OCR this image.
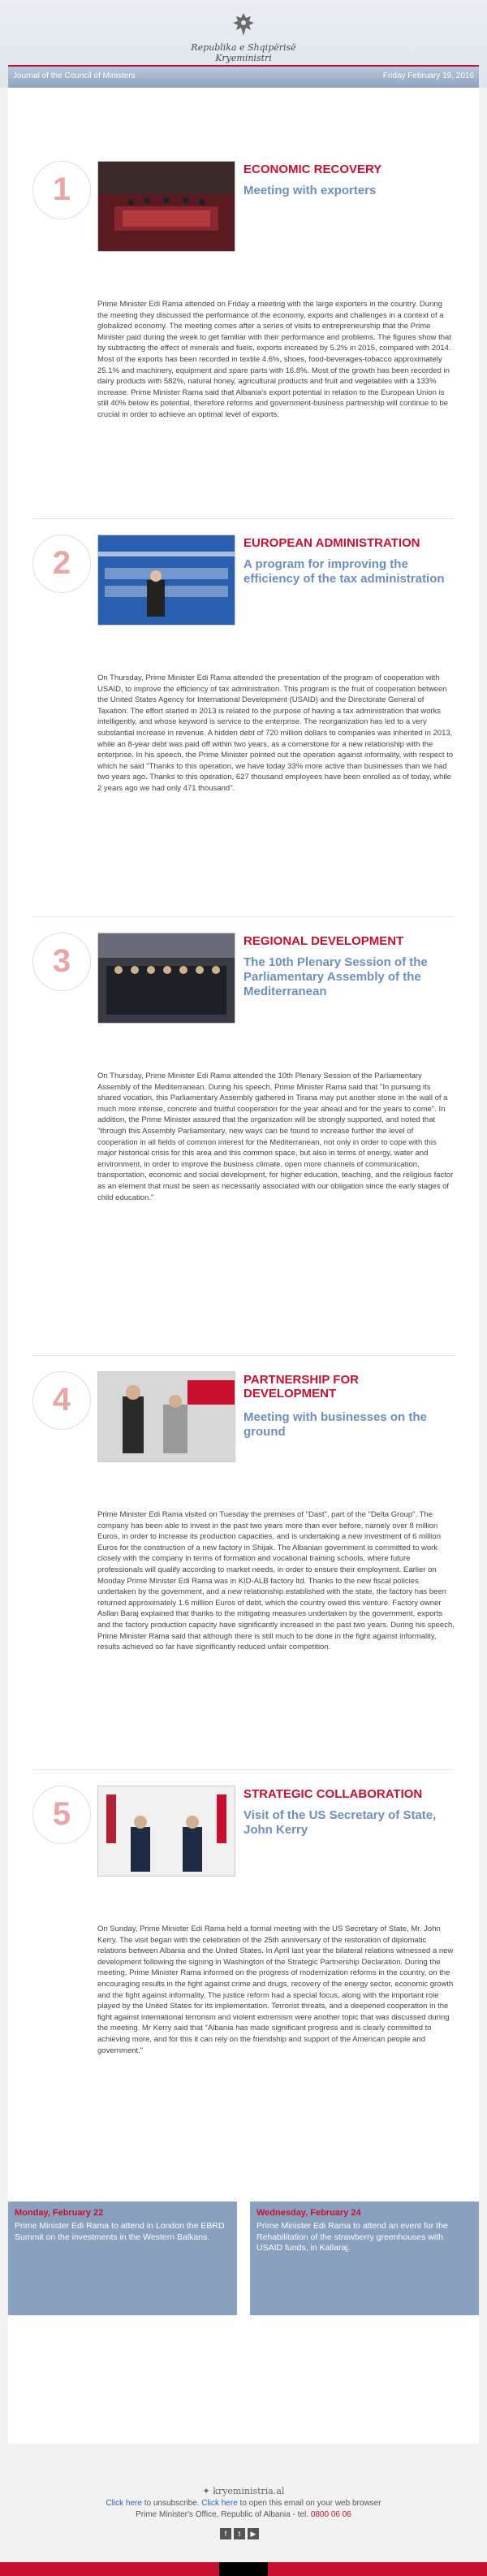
Republika e Shqipërisë
Kryeministri
Journal of the Council of Ministers	Friday February 19, 2016
1
ECONOMIC RECOVERY
Meeting with exporters
Prime Minister Edi Rama attended on Friday a meeting with the large exporters in the country. During the meeting they discussed the performance of the economy, exports and challenges in a context of a globalized economy. The meeting comes after a series of visits to entrepreneurship that the Prime Minister paid during the week to get familiar with their performance and problems. The figures show that by subtracting the effect of minerals and fuels, exports increased by 5.2% in 2015, compared with 2014. Most of the exports has been recorded in textile 4.6%, shoes, food-beverages-tobacco approximately 25.1% and machinery, equipment and spare parts with 16.8%. Most of the growth has been recorded in dairy products with 582%, natural honey, agricultural products and fruit and vegetables with a 133% increase. Prime Minister Rama said that Albania's export potential in relation to the European Union is still 40% below its potential, therefore reforms and government-business partnership will continue to be crucial in order to achieve an optimal level of exports.
2
EUROPEAN ADMINISTRATION
A program for improving the efficiency of the tax administration
On Thursday, Prime Minister Edi Rama attended the presentation of the program of cooperation with USAID, to improve the efficiency of tax administration. This program is the fruit of cooperation between the United States Agency for International Development (USAID) and the Directorate General of Taxation. The effort started in 2013 is related to the purpose of having a tax administration that works intelligently, and whose keyword is service to the enterprise. The reorganization has led to a very substantial increase in revenue. A hidden debt of 720 million dollars to companies was inherited in 2013, while an 8-year debt was paid off within two years, as a cornerstone for a new relationship with the enterprise. In his speech, the Prime Minister pointed out the operation against informality, with respect to which he said "Thanks to this operation, we have today 33% more active than businesses than we had two years ago. Thanks to this operation, 627 thousand employees have been enrolled as of today, while 2 years ago we had only 471 thousand".
3
REGIONAL DEVELOPMENT
The 10th Plenary Session of the Parliamentary Assembly of the Mediterranean
On Thursday, Prime Minister Edi Rama attended the 10th Plenary Session of the Parliamentary Assembly of the Mediterranean. During his speech, Prime Minister Rama said that "In pursuing its shared vocation, this Parliamentary Assembly gathered in Tirana may put another stone in the wall of a much more intense, concrete and fruitful cooperation for the year ahead and for the years to come". In addition, the Prime Minister assured that the organization will be strongly supported, and noted that "through this Assembly Parliamentary, new ways can be found to increase further the level of cooperation in all fields of common interest for the Mediterranean, not only in order to cope with this major historical crisis for this area and this common space, but also in terms of energy, water and environment, in order to improve the business climate, open more channels of communication, transportation, economic and social development, for higher education, teaching, and the religious factor as an element that must be seen as necessarily associated with our obligation since the early stages of child education."
4
PARTNERSHIP FOR DEVELOPMENT
Meeting with businesses on the ground
Prime Minister Edi Rama visited on Tuesday the premises of "Dast", part of the "Delta Group". The company has been able to invest in the past two years more than ever before, namely over 8 million Euros, in order to increase its production capacities, and is undertaking a new investment of 6 million Euros for the construction of a new factory in Shijak. The Albanian government is committed to work closely with the company in terms of formation and vocational training schools, where future professionals will qualify according to market needs, in order to ensure their employment. Earlier on Monday Prime Minister Edi Rama was in KID-ALB factory ltd. Thanks to the new fiscal policies undertaken by the government, and a new relationship established with the state, the factory has been returned approximately 1.6 million Euros of debt, which the country owed this venture. Factory owner Asllan Baraj explained that thanks to the mitigating measures undertaken by the government, exports and the factory production capacity have significantly increased in the past two years. During his speech, Prime Minister Rama said that although there is still much to be done in the fight against informality, results achieved so far have significantly reduced unfair competition.
5
STRATEGIC COLLABORATION
Visit of the US Secretary of State, John Kerry
On Sunday, Prime Minister Edi Rama held a formal meeting with the US Secretary of State, Mr. John Kerry. The visit began with the celebration of the 25th anniversary of the restoration of diplomatic relations between Albania and the United States. In April last year the bilateral relations witnessed a new development following the signing in Washington of the Strategic Partnership Declaration. During the meeting, Prime Minister Rama informed on the progress of modernization reforms in the country, on the encouraging results in the fight against crime and drugs, recovery of the energy sector, economic growth and the fight against informality. The justice reform had a special focus, along with the important role played by the United States for its implementation. Terrorist threats, and a deepened cooperation in the fight against international terrorism and violent extremism were another topic that was discussed during the meeting. Mr Kerry said that "Albania has made significant progress and is clearly committed to achieving more, and for this it can rely on the friendship and support of the American people and government."
Monday, February 22
Prime Minister Edi Rama to attend in London the EBRD Summit on the investments in the Western Balkans.
Wednesday, February 24
Prime Minister Edi Rama to attend an event for the Rehabilitation of the strawberry greenhouses with USAID funds, in Kallaraj.
✦ kryeministria.al
Click here to unsubscribe. Click here to open this email on your web browser
Prime Minister's Office, Republic of Albania - tel. 0800 06 06
f	t	▶
